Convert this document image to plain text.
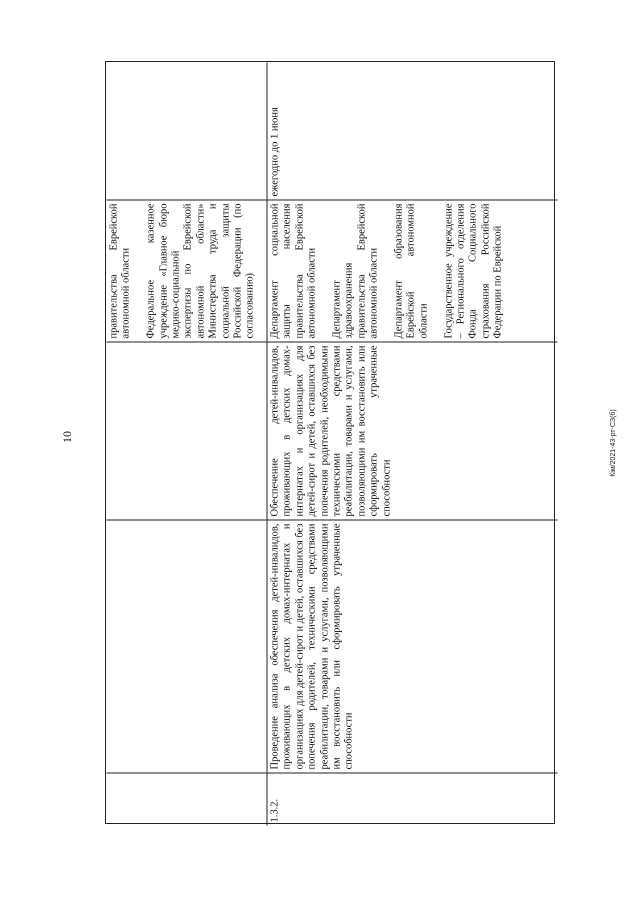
10	Кім/2021-43-рт-СЗ(б)

правительства Еврейской автономной области Федеральное казенное учреждение «Главное бюро медико-социальной экспертизы по Еврейской автономной области» Министерства труда и социальной защиты Российской Федерации (по согласованию)

1.3.2.
Проведение анализа обеспечения детей-инвалидов, проживающих в детских домах-интернатах и организациях для детей-сирот и детей, оставшихся без попечения родителей, техническими средствами реабилитации, товарами и услугами, позволяющими им восстановить или сформировать утраченные способности
Обеспечение детей-инвалидов, проживающих в детских домах-интернатах и организациях для детей-сирот и детей, оставшихся без попечения родителей, необходимыми техническими средствами реабилитации, товарами и услугами, позволяющими им восстановить или сформировать утраченные способности

Департамент социальной защиты населения правительства Еврейской автономной области Департамент здравоохранения правительства Еврейской автономной области Департамент образования Еврейской автономной области Государственное учреждение – Регионального отделения Фонда Социального страхования Российской Федерации по Еврейской

ежегодно до 1 июня
